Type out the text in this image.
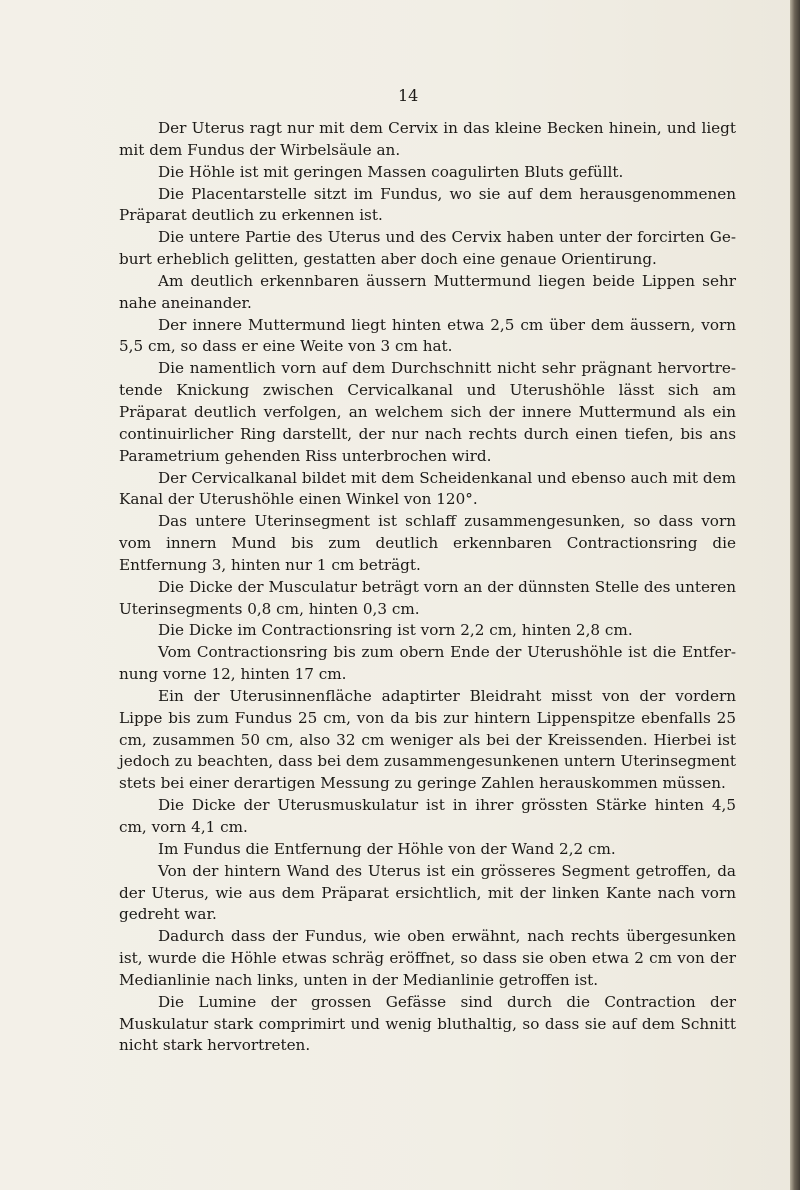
14

Der Uterus ragt nur mit dem Cervix in das kleine Becken hinein, und liegt mit dem Fundus der Wirbelsäule an.

Die Höhle ist mit geringen Massen coagulirten Bluts gefüllt.

Die Placentarstelle sitzt im Fundus, wo sie auf dem herausgenommenen Präparat deutlich zu erkennen ist.

Die untere Partie des Uterus und des Cervix haben unter der forcirten Geburt erheblich gelitten, gestatten aber doch eine genaue Orientirung.

Am deutlich erkennbaren äussern Muttermund liegen beide Lippen sehr nahe aneinander.

Der innere Muttermund liegt hinten etwa 2,5 cm über dem äussern, vorn 5,5 cm, so dass er eine Weite von 3 cm hat.

Die namentlich vorn auf dem Durchschnitt nicht sehr prägnant hervortretende Knickung zwischen Cervicalkanal und Uterushöhle lässt sich am Präparat deutlich verfolgen, an welchem sich der innere Muttermund als ein continuirlicher Ring darstellt, der nur nach rechts durch einen tiefen, bis ans Parametrium gehenden Riss unterbrochen wird.

Der Cervicalkanal bildet mit dem Scheidenkanal und ebenso auch mit dem Kanal der Uterushöhle einen Winkel von 120°.

Das untere Uterinsegment ist schlaff zusammengesunken, so dass vorn vom innern Mund bis zum deutlich erkennbaren Contractionsring die Entfernung 3, hinten nur 1 cm beträgt.

Die Dicke der Musculatur beträgt vorn an der dünnsten Stelle des unteren Uterinsegments 0,8 cm, hinten 0,3 cm.

Die Dicke im Contractionsring ist vorn 2,2 cm, hinten 2,8 cm.

Vom Contractionsring bis zum obern Ende der Uterushöhle ist die Entfernung vorne 12, hinten 17 cm.

Ein der Uterusinnenfläche adaptirter Bleidraht misst von der vordern Lippe bis zum Fundus 25 cm, von da bis zur hintern Lippenspitze ebenfalls 25 cm, zusammen 50 cm, also 32 cm weniger als bei der Kreissenden. Hierbei ist jedoch zu beachten, dass bei dem zusammengesunkenen untern Uterinsegment stets bei einer derartigen Messung zu geringe Zahlen herauskommen müssen.

Die Dicke der Uterusmuskulatur ist in ihrer grössten Stärke hinten 4,5 cm, vorn 4,1 cm.

Im Fundus die Entfernung der Höhle von der Wand 2,2 cm.

Von der hintern Wand des Uterus ist ein grösseres Segment getroffen, da der Uterus, wie aus dem Präparat ersichtlich, mit der linken Kante nach vorn gedreht war.

Dadurch dass der Fundus, wie oben erwähnt, nach rechts übergesunken ist, wurde die Höhle etwas schräg eröffnet, so dass sie oben etwa 2 cm von der Medianlinie nach links, unten in der Medianlinie getroffen ist.

Die Lumine der grossen Gefässe sind durch die Contraction der Muskulatur stark comprimirt und wenig bluthaltig, so dass sie auf dem Schnitt nicht stark hervortreten.
